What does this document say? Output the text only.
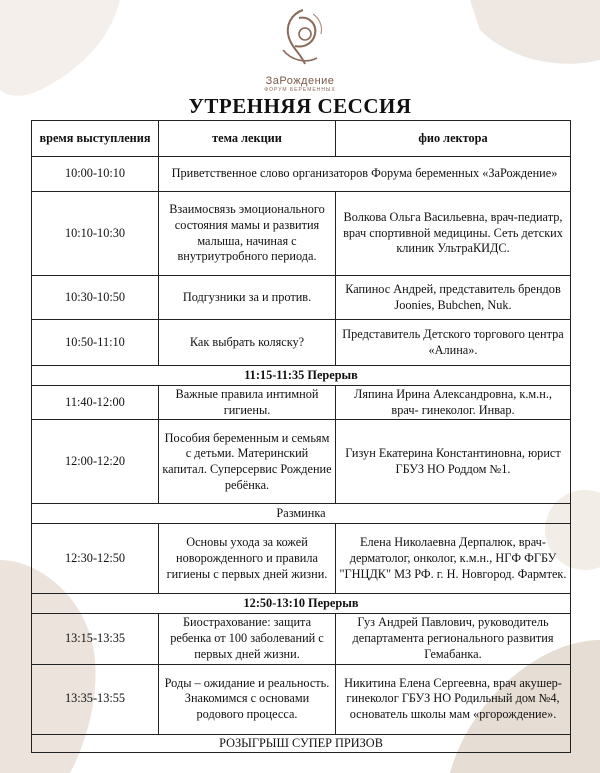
ЗаРождение
ФОРУМ БЕРЕМЕННЫХ
УТРЕННЯЯ СЕССИЯ
время выступления	тема лекции	фио лектора
10:00-10:10	Приветственное слово организаторов Форума беременных «ЗаРождение»	
10:10-10:30	Взаимосвязь эмоционального состояния мамы и развития малыша, начиная с внутриутробного периода.	Волкова Ольга Васильевна, врач-педиатр, врач спортивной медицины. Сеть детских клиник УльтраКИДС.
10:30-10:50	Подгузники за и против.	Капинос Андрей, представитель брендов Joonies, Bubchen, Nuk.
10:50-11:10	Как выбрать коляску?	Представитель Детского торгового центра «Алина».
11:15-11:35 Перерыв		
11:40-12:00	Важные правила интимной гигиены.	Ляпина Ирина Александровна, к.м.н., врач- гинеколог. Инвар.
12:00-12:20	Пособия беременным и семьям с детьми. Материнский капитал. Суперсервис Рождение ребёнка.	Гизун Екатерина Константиновна, юрист ГБУЗ НО Роддом №1.
Разминка		
12:30-12:50	Основы ухода за кожей новорожденного и правила гигиены с первых дней жизни.	Елена Николаевна Дерпалюк, врач-дерматолог, онколог, к.м.н., НГФ ФГБУ "ГНЦДК" МЗ РФ. г. Н. Новгород. Фармтек.
12:50-13:10 Перерыв		
13:15-13:35	Биострахование: защита ребенка от 100 заболеваний с первых дней жизни.	Гуз Андрей Павлович, руководитель департамента регионального развития Гемабанка.
13:35-13:55	Роды – ожидание и реальность. Знакомимся с основами родового процесса.	Никитина Елена Сергеевна, врач акушер-гинеколог ГБУЗ НО Родильный дом №4, основатель школы мам «ргорождение».
РОЗЫГРЫШ СУПЕР ПРИЗОВ		
